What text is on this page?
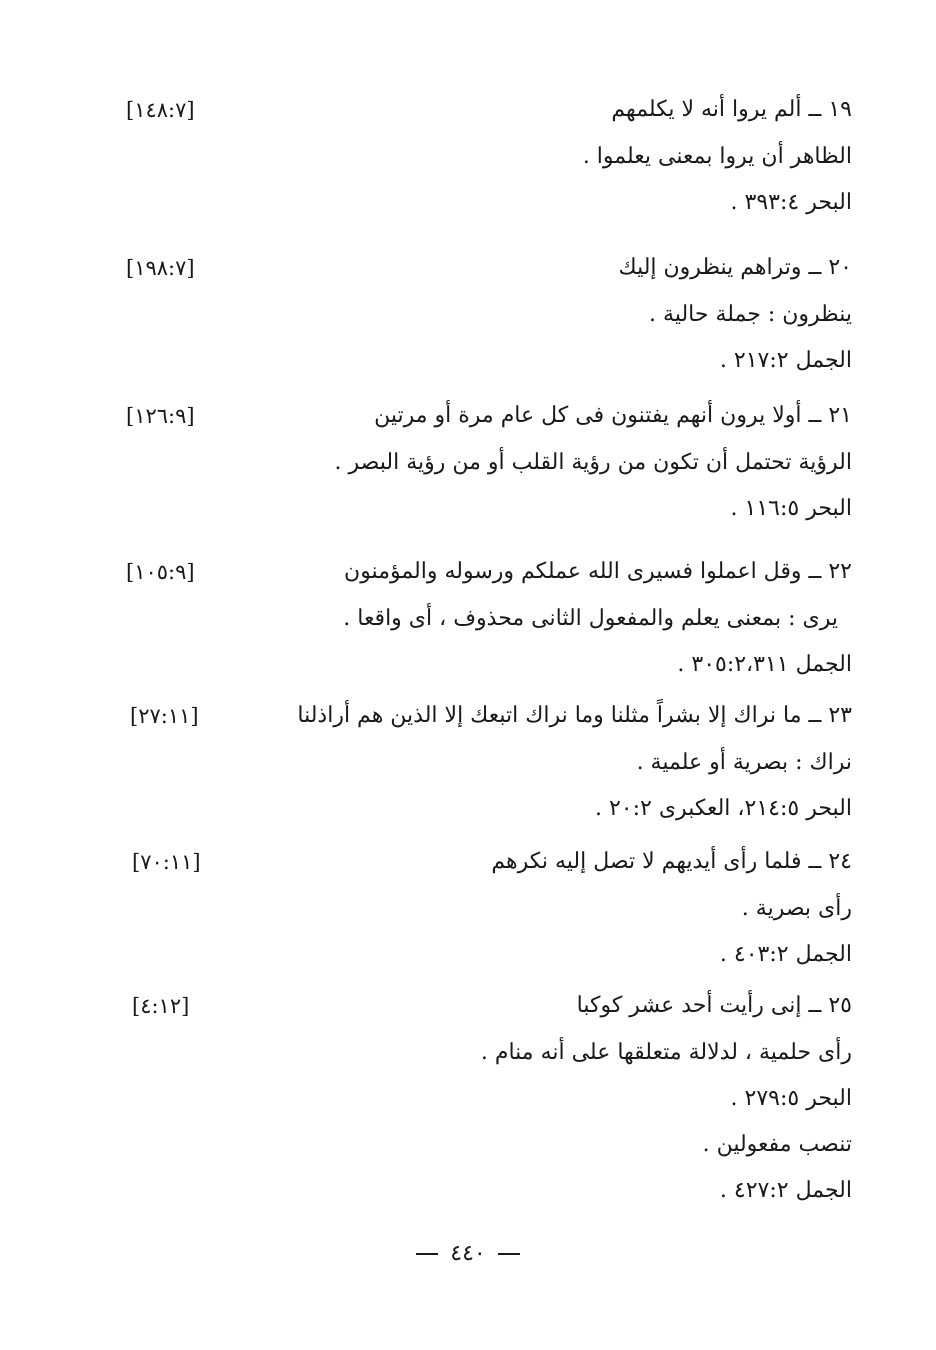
١٩ ــ ألم يروا أنه لا يكلمهم
[١٤٨:٧]
الظاهر أن يروا بمعنى يعلموا .
البحر ٣٩٣:٤ .
٢٠ ــ وتراهم ينظرون إليك
[١٩٨:٧]
ينظرون : جملة حالية .
الجمل ٢١٧:٢ .
٢١ ــ أولا يرون أنهم يفتنون فى كل عام مرة أو مرتين
[١٢٦:٩]
الرؤية تحتمل أن تكون من رؤية القلب أو من رؤية البصر .
البحر ١١٦:٥ .
٢٢ ــ وقل اعملوا فسيرى الله عملكم ورسوله والمؤمنون
[١٠٥:٩]
يرى : بمعنى يعلم والمفعول الثانى محذوف ، أى واقعا .
الجمل ٣٠٥:٢،٣١١ .
٢٣ ــ ما نراك إلا بشراً مثلنا وما نراك اتبعك إلا الذين هم أراذلنا
[٢٧:١١]
نراك : بصرية أو علمية .
البحر ٢١٤:٥، العكبرى ٢٠:٢ .
٢٤ ــ فلما رأى أيديهم لا تصل إليه نكرهم
[٧٠:١١]
رأى بصرية .
الجمل ٤٠٣:٢ .
٢٥ ــ إنى رأيت أحد عشر كوكبا
[٤:١٢]
رأى حلمية ، لدلالة متعلقها على أنه منام .
البحر ٢٧٩:٥ .
تنصب مفعولين .
الجمل ٤٢٧:٢ .
٤٤٠
